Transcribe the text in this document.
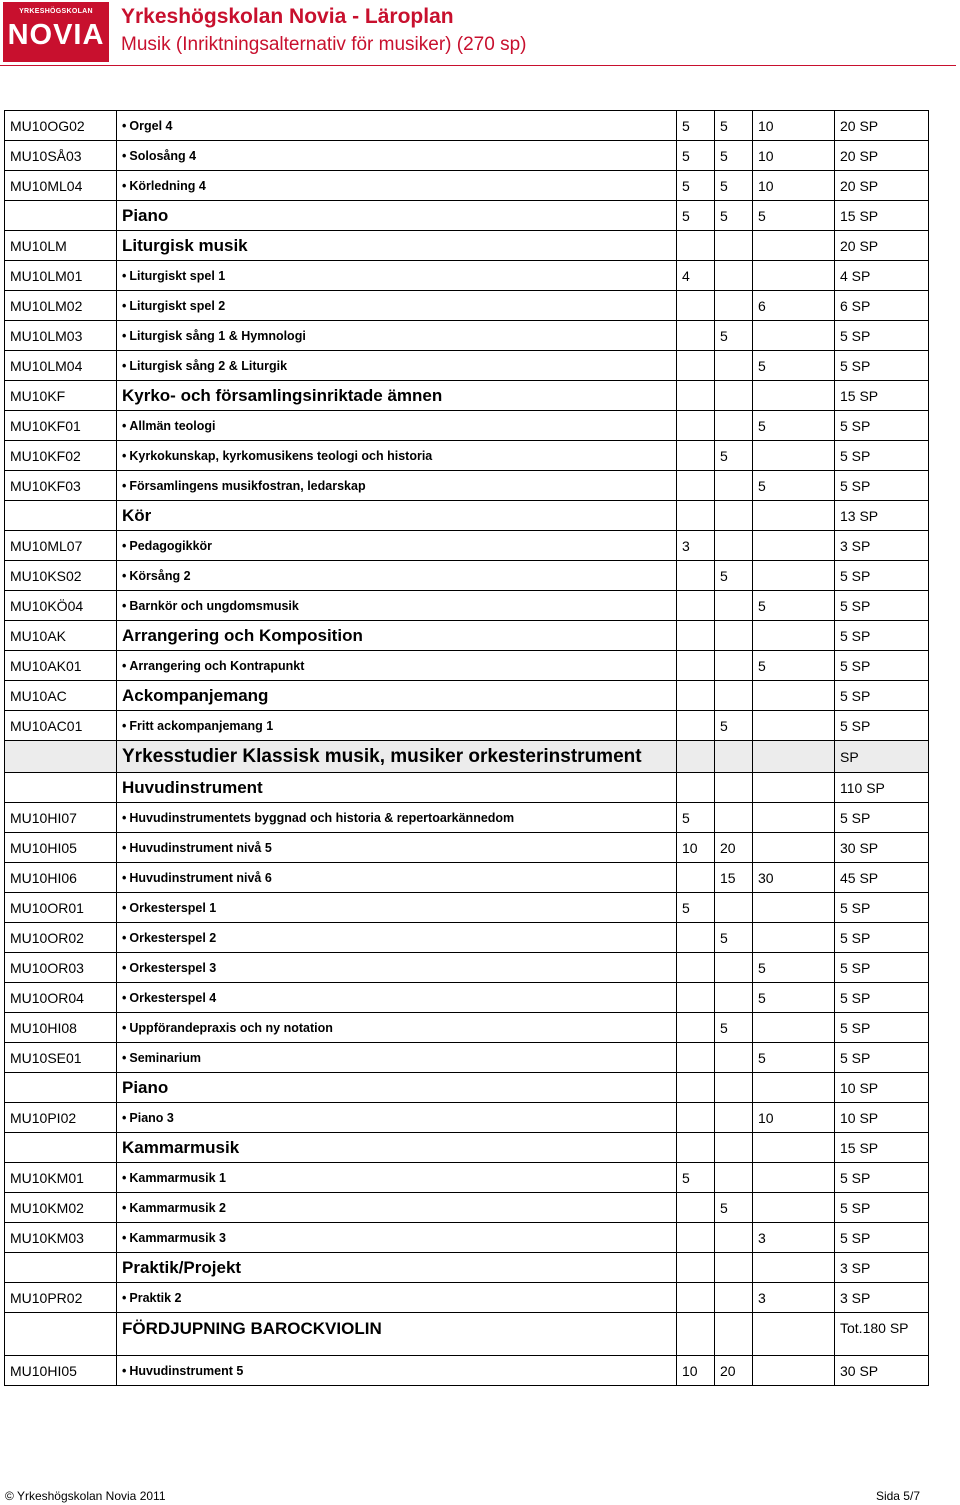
YRKESHÖGSKOLAN
NOVIA
Yrkeshögskolan Novia - Läroplan
Musik (Inriktningsalternativ för musiker) (270 sp)
MU10OG02	• Orgel 4	5	5	10	20 SP
MU10SÅ03	• Solosång 4	5	5	10	20 SP
MU10ML04	• Körledning 4	5	5	10	20 SP
	Piano	5	5	5	15 SP
MU10LM	Liturgisk musik				20 SP
MU10LM01	• Liturgiskt spel 1	4			4 SP
MU10LM02	• Liturgiskt spel 2			6	6 SP
MU10LM03	• Liturgisk sång 1 & Hymnologi		5		5 SP
MU10LM04	• Liturgisk sång 2 & Liturgik			5	5 SP
MU10KF	Kyrko- och församlingsinriktade ämnen				15 SP
MU10KF01	• Allmän teologi			5	5 SP
MU10KF02	• Kyrkokunskap, kyrkomusikens teologi och historia		5		5 SP
MU10KF03	• Församlingens musikfostran, ledarskap			5	5 SP
	Kör				13 SP
MU10ML07	• Pedagogikkör	3			3 SP
MU10KS02	• Körsång 2		5		5 SP
MU10KÖ04	• Barnkör och ungdomsmusik			5	5 SP
MU10AK	Arrangering och Komposition				5 SP
MU10AK01	• Arrangering och Kontrapunkt			5	5 SP
MU10AC	Ackompanjemang				5 SP
MU10AC01	• Fritt ackompanjemang 1		5		5 SP
	Yrkesstudier Klassisk musik, musiker orkesterinstrument				SP
	Huvudinstrument				110 SP
MU10HI07	• Huvudinstrumentets byggnad och historia & repertoarkännedom	5			5 SP
MU10HI05	• Huvudinstrument nivå 5	10	20		30 SP
MU10HI06	• Huvudinstrument nivå 6		15	30	45 SP
MU10OR01	• Orkesterspel 1	5			5 SP
MU10OR02	• Orkesterspel 2		5		5 SP
MU10OR03	• Orkesterspel 3			5	5 SP
MU10OR04	• Orkesterspel 4			5	5 SP
MU10HI08	• Uppförandepraxis och ny notation		5		5 SP
MU10SE01	• Seminarium			5	5 SP
	Piano				10 SP
MU10PI02	• Piano 3			10	10 SP
	Kammarmusik				15 SP
MU10KM01	• Kammarmusik 1	5			5 SP
MU10KM02	• Kammarmusik 2		5		5 SP
MU10KM03	• Kammarmusik 3			3	5 SP
	Praktik/Projekt				3 SP
MU10PR02	• Praktik 2			3	3 SP
	FÖRDJUPNING BAROCKVIOLIN				Tot.180 SP
MU10HI05	• Huvudinstrument 5	10	20		30 SP
© Yrkeshögskolan Novia 2011	Sida 5/7
